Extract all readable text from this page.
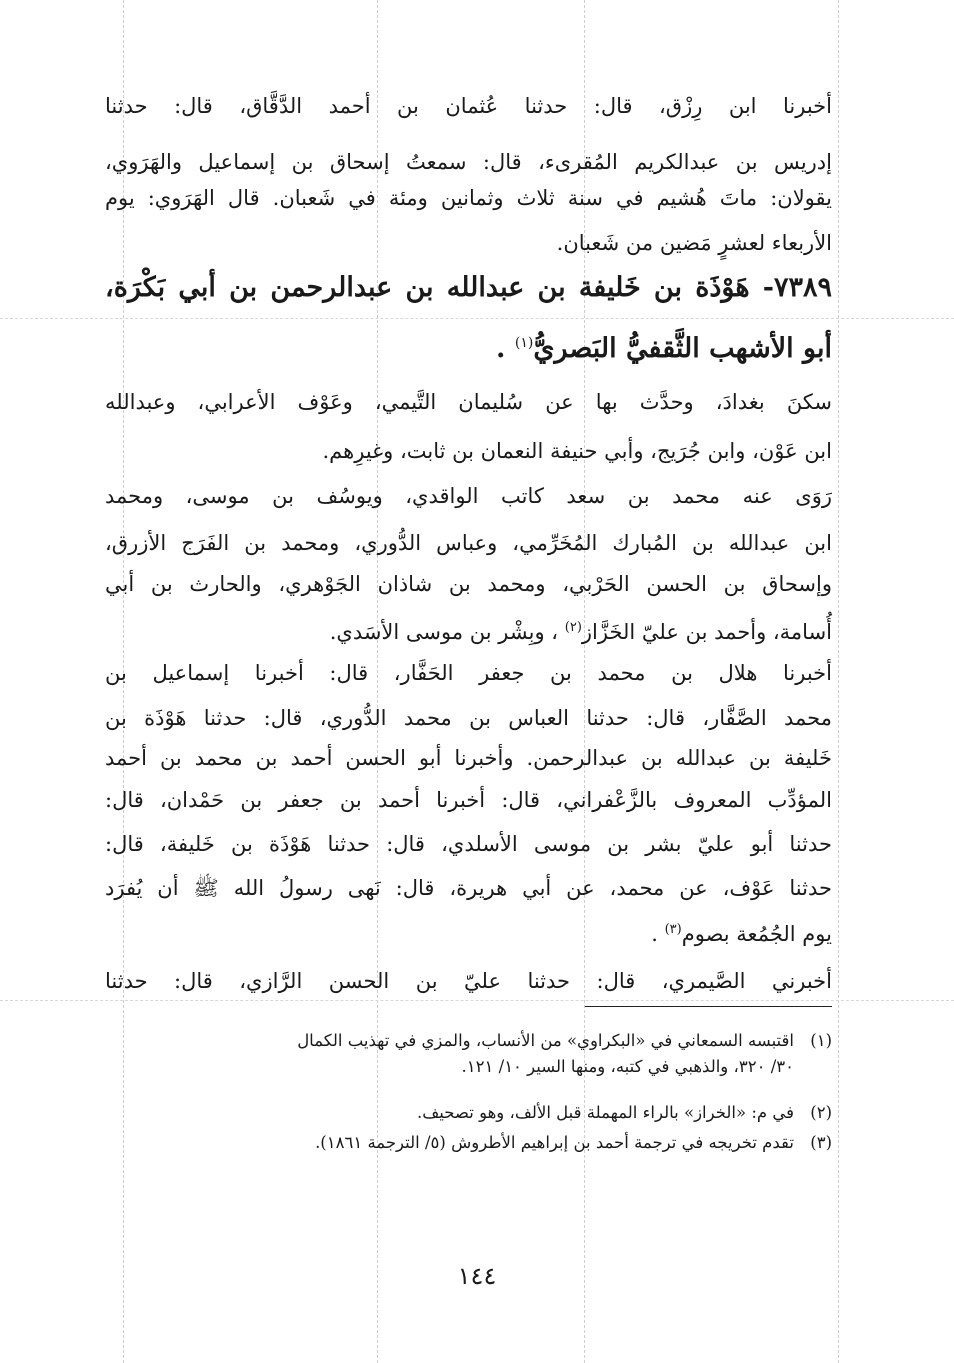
أخبرنا ابن رِزْق، قال: حدثنا عُثمان بن أحمد الدَّقَّاق، قال: حدثنا
إدريس بن عبدالكريم المُقرىء، قال: سمعتُ إسحاق بن إسماعيل والهَرَوي،
يقولان: ماتَ هُشيم في سنة ثلاث وثمانين ومئة في شَعبان. قال الهَرَوي: يوم
الأربعاء لعشرٍ مَضين من شَعبان.
٧٣٨٩- هَوْذَة بن خَليفة بن عبدالله بن عبدالرحمن بن أبي بَكْرَة،
أبو الأشهب الثَّقفيُّ البَصريُّ$^{(١)}$ .
سكنَ بغدادَ، وحدَّث بها عن سُليمان التَّيمي، وعَوْف الأعرابي، وعبدالله
ابن عَوْن، وابن جُرَيج، وأبي حنيفة النعمان بن ثابت، وغيرِهم.
رَوَى عنه محمد بن سعد كاتب الواقدي، ويوسُف بن موسى، ومحمد
ابن عبدالله بن المُبارك المُخَرِّمي، وعباس الدُّوري، ومحمد بن الفَرَج الأزرق،
وإسحاق بن الحسن الحَرْبي، ومحمد بن شاذان الجَوْهري، والحارث بن أبي
أُسامة، وأحمد بن عليّ الخَزَّاز$^{(٢)}$ ، وبِشْر بن موسى الأسَدي.
أخبرنا هلال بن محمد بن جعفر الحَفَّار، قال: أخبرنا إسماعيل بن
محمد الصَّفَّار، قال: حدثنا العباس بن محمد الدُّوري، قال: حدثنا هَوْذَة بن
خَليفة بن عبدالله بن عبدالرحمن. وأخبرنا أبو الحسن أحمد بن محمد بن أحمد
المؤدِّب المعروف بالزَّعْفراني، قال: أخبرنا أحمد بن جعفر بن حَمْدان، قال:
حدثنا أبو عليّ بشر بن موسى الأسلدي، قال: حدثنا هَوْذَة بن خَليفة، قال:
حدثنا عَوْف، عن محمد، عن أبي هريرة، قال: نَهى رسولُ الله ﷺ أن يُفرَد
يوم الجُمُعة بصوم$^{(٣)}$ .
أخبرني الصَّيمري، قال: حدثنا عليّ بن الحسن الرَّازي، قال: حدثنا
(١)اقتبسه السمعاني في «البكراوي» من الأنساب، والمزي في تهذيب الكمال
٣٠/ ٣٢٠، والذهبي في كتبه، ومنها السير ١٠/ ١٢١.
(٢)في م: «الخراز» بالراء المهملة قبل الألف، وهو تصحيف.
(٣)تقدم تخريجه في ترجمة أحمد بن إبراهيم الأطروش (٥/ الترجمة ١٨٦١).
١٤٤
